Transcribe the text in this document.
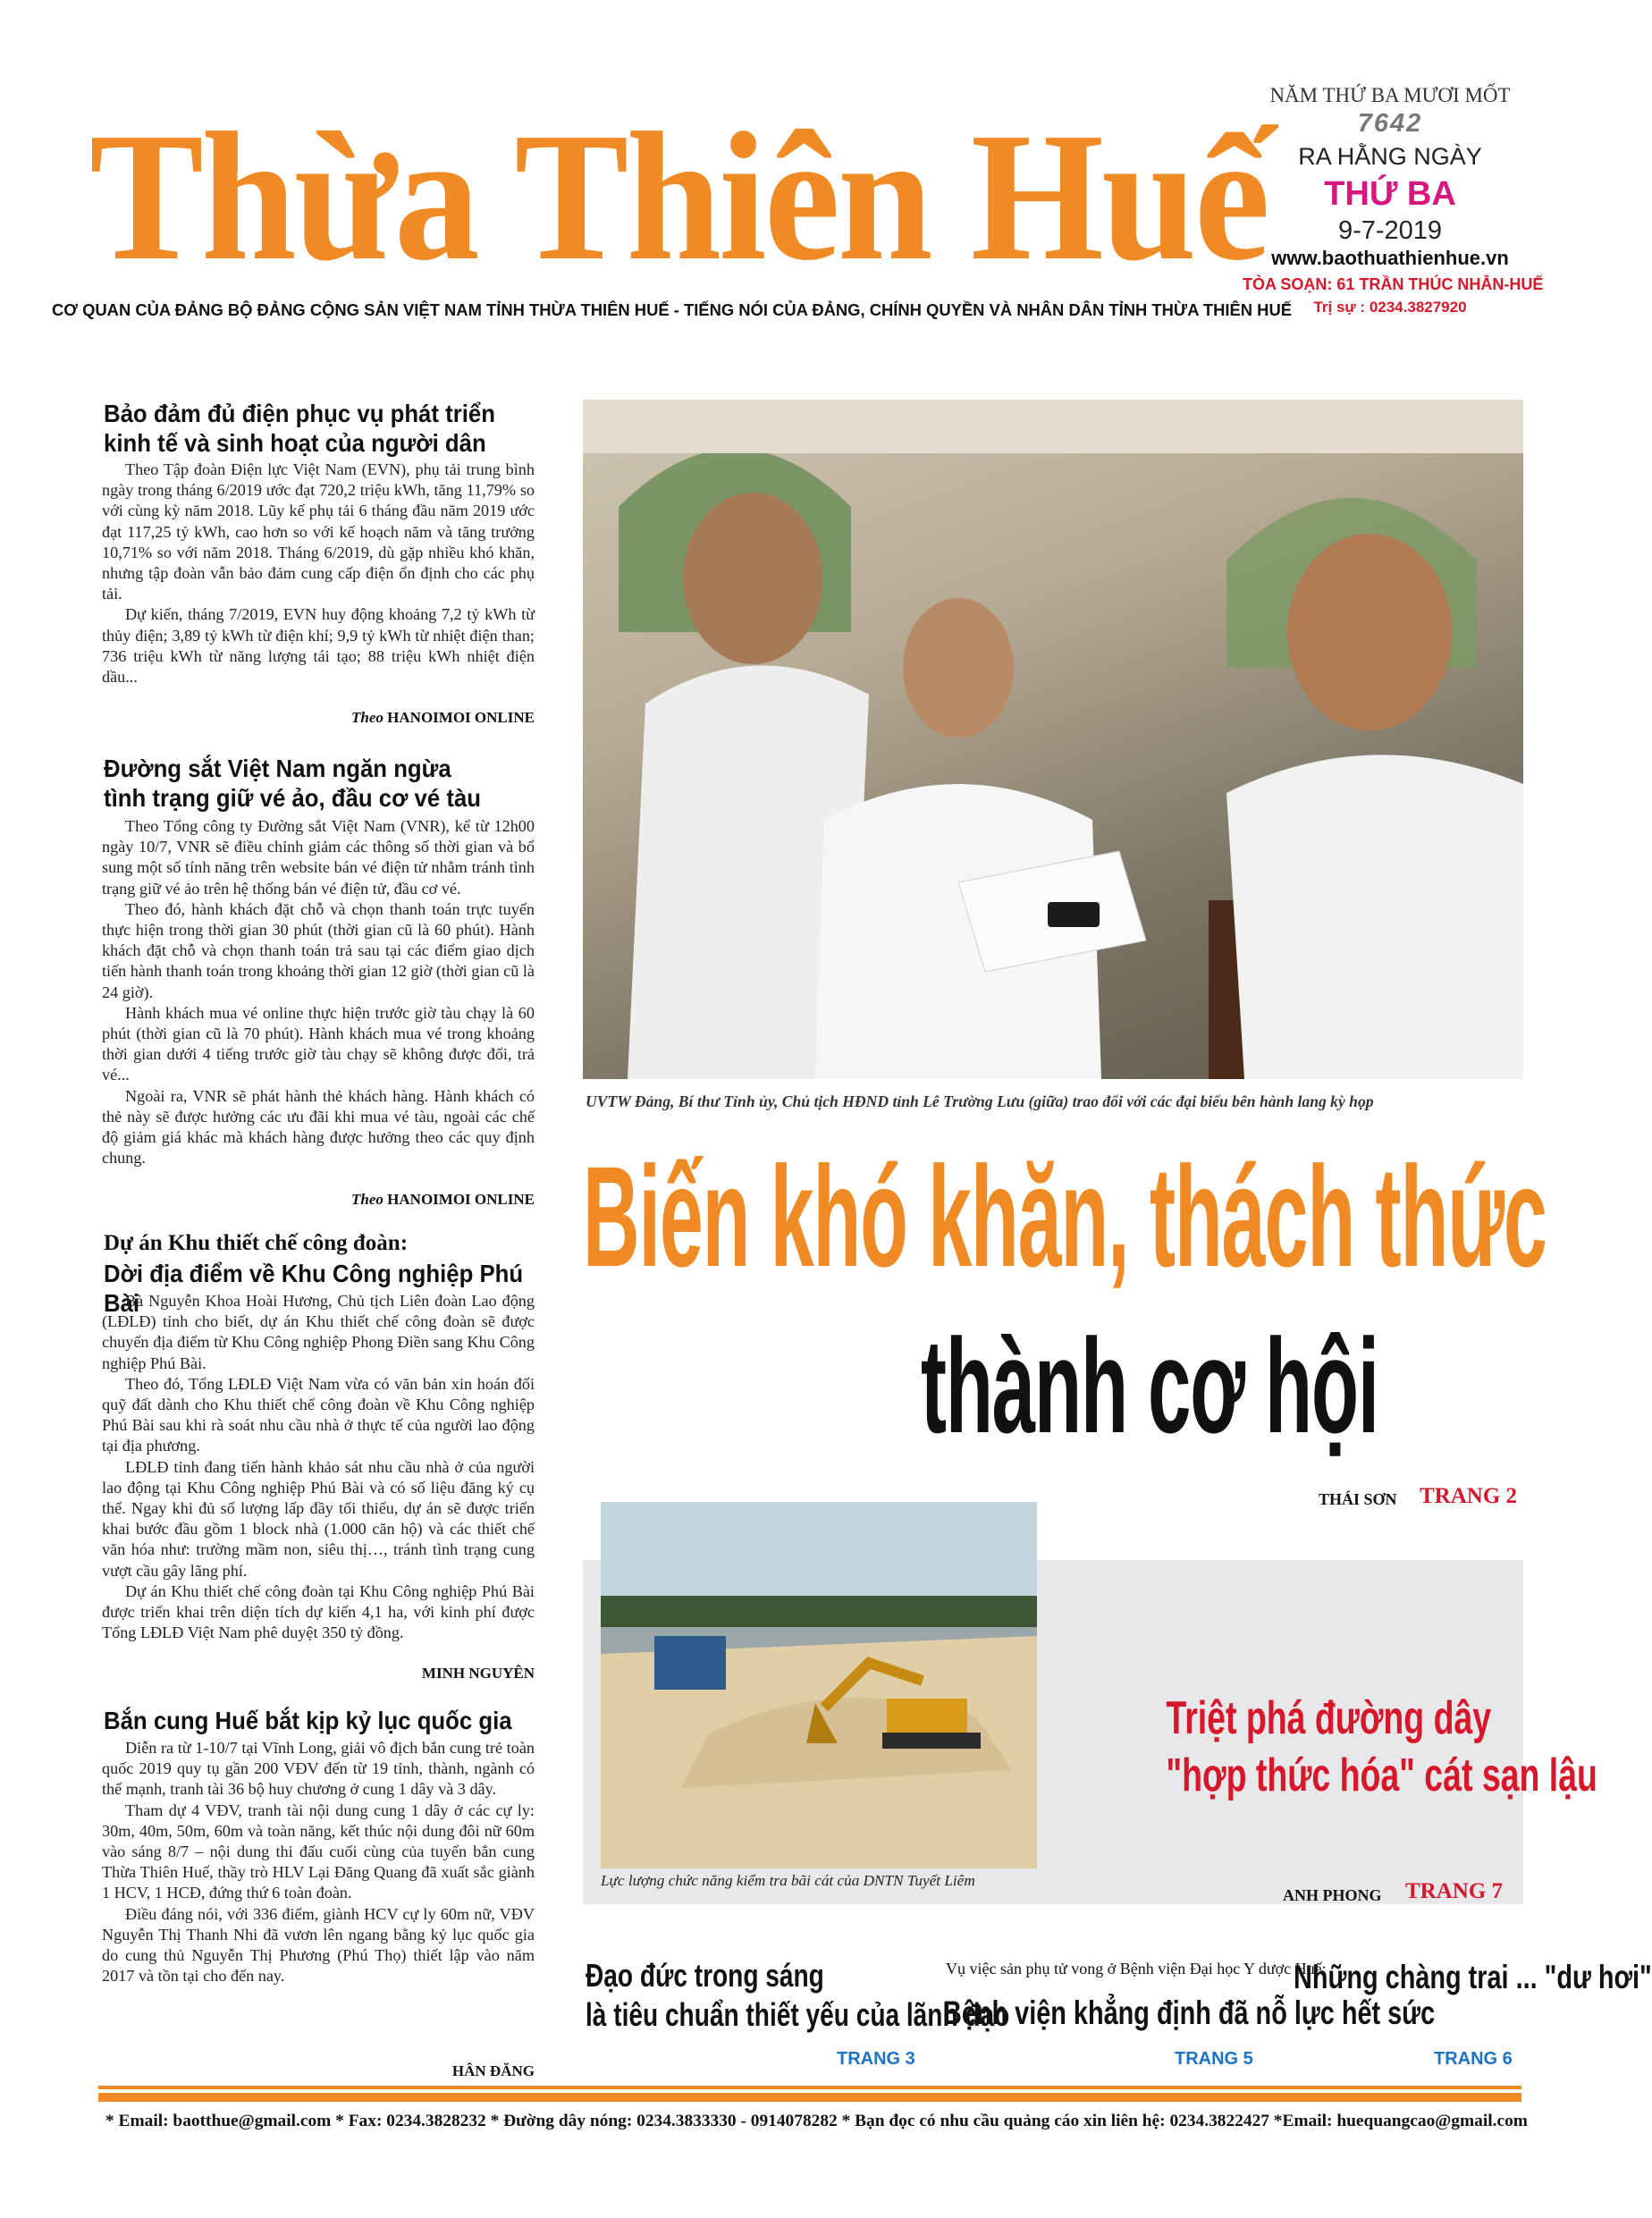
Thừa Thiên Huế NĂM THỨ BA MƯƠI MỐT
7642
RA HẰNG NGÀY
THỨ BA
9-7-2019
www.baothuathienhue.vn
TÒA SOẠN: 61 TRẦN THÚC NHẪN-HUẾ
Trị sự : 0234.3827920
CƠ QUAN CỦA ĐẢNG BỘ ĐẢNG CỘNG SẢN VIỆT NAM TỈNH THỪA THIÊN HUẾ - TIẾNG NÓI CỦA ĐẢNG, CHÍNH QUYỀN VÀ NHÂN DÂN TỈNH THỪA THIÊN HUẾ
Bảo đảm đủ điện phục vụ phát triển
kinh tế và sinh hoạt của người dân

Theo Tập đoàn Điện lực Việt Nam (EVN), phụ tải trung bình ngày trong tháng 6/2019 ước đạt 720,2 triệu kWh, tăng 11,79% so với cùng kỳ năm 2018. Lũy kế phụ tải 6 tháng đầu năm 2019 ước đạt 117,25 tỷ kWh, cao hơn so với kế hoạch năm và tăng trưởng 10,71% so với năm 2018. Tháng 6/2019, dù gặp nhiều khó khăn, nhưng tập đoàn vẫn bảo đảm cung cấp điện ổn định cho các phụ tải.

Dự kiến, tháng 7/2019, EVN huy động khoảng 7,2 tỷ kWh từ thủy điện; 3,89 tỷ kWh từ điện khí; 9,9 tỷ kWh từ nhiệt điện than; 736 triệu kWh từ năng lượng tái tạo; 88 triệu kWh nhiệt điện dầu...

Theo HANOIMOI ONLINE
Đường sắt Việt Nam ngăn ngừa
tình trạng giữ vé ảo, đầu cơ vé tàu

Theo Tổng công ty Đường sắt Việt Nam (VNR), kể từ 12h00 ngày 10/7, VNR sẽ điều chỉnh giảm các thông số thời gian và bổ sung một số tính năng trên website bán vé điện tử nhằm tránh tình trạng giữ vé ảo trên hệ thống bán vé điện tử, đầu cơ vé.

Theo đó, hành khách đặt chỗ và chọn thanh toán trực tuyến thực hiện trong thời gian 30 phút (thời gian cũ là 60 phút). Hành khách đặt chỗ và chọn thanh toán trả sau tại các điểm giao dịch tiến hành thanh toán trong khoảng thời gian 12 giờ (thời gian cũ là 24 giờ).

Hành khách mua vé online thực hiện trước giờ tàu chạy là 60 phút (thời gian cũ là 70 phút). Hành khách mua vé trong khoảng thời gian dưới 4 tiếng trước giờ tàu chạy sẽ không được đổi, trả vé...

Ngoài ra, VNR sẽ phát hành thẻ khách hàng. Hành khách có thẻ này sẽ được hưởng các ưu đãi khi mua vé tàu, ngoài các chế độ giảm giá khác mà khách hàng được hưởng theo các quy định chung.

Theo HANOIMOI ONLINE
Dự án Khu thiết chế công đoàn:
Dời địa điểm về Khu Công nghiệp Phú Bài

Bà Nguyễn Khoa Hoài Hương, Chủ tịch Liên đoàn Lao động (LĐLĐ) tỉnh cho biết, dự án Khu thiết chế công đoàn sẽ được chuyển địa điểm từ Khu Công nghiệp Phong Điền sang Khu Công nghiệp Phú Bài.

Theo đó, Tổng LĐLĐ Việt Nam vừa có văn bản xin hoán đổi quỹ đất dành cho Khu thiết chế công đoàn về Khu Công nghiệp Phú Bài sau khi rà soát nhu cầu nhà ở thực tế của người lao động tại địa phương.

LĐLĐ tỉnh đang tiến hành khảo sát nhu cầu nhà ở của người lao động tại Khu Công nghiệp Phú Bài và có số liệu đăng ký cụ thể. Ngay khi đủ số lượng lấp đầy tối thiểu, dự án sẽ được triển khai bước đầu gồm 1 block nhà (1.000 căn hộ) và các thiết chế văn hóa như: trường mầm non, siêu thị…, tránh tình trạng cung vượt cầu gây lãng phí.

Dự án Khu thiết chế công đoàn tại Khu Công nghiệp Phú Bài được triển khai trên diện tích dự kiến 4,1 ha, với kinh phí được Tổng LĐLĐ Việt Nam phê duyệt 350 tỷ đồng.

MINH NGUYÊN
Bắn cung Huế bắt kịp kỷ lục quốc gia

Diễn ra từ 1-10/7 tại Vĩnh Long, giải vô địch bắn cung trẻ toàn quốc 2019 quy tụ gần 200 VĐV đến từ 19 tỉnh, thành, ngành có thế mạnh, tranh tài 36 bộ huy chương ở cung 1 dây và 3 dây.

Tham dự 4 VĐV, tranh tài nội dung cung 1 dây ở các cự ly: 30m, 40m, 50m, 60m và toàn năng, kết thúc nội dung đôi nữ 60m vào sáng 8/7 – nội dung thi đấu cuối cùng của tuyển bắn cung Thừa Thiên Huế, thầy trò HLV Lại Đăng Quang đã xuất sắc giành 1 HCV, 1 HCĐ, đứng thứ 6 toàn đoàn.

Điều đáng nói, với 336 điểm, giành HCV cự ly 60m nữ, VĐV Nguyễn Thị Thanh Nhi đã vươn lên ngang bằng kỷ lục quốc gia do cung thủ Nguyễn Thị Phương (Phú Thọ) thiết lập vào năm 2017 và tồn tại cho đến nay.

HÂN ĐĂNG
UVTW Đảng, Bí thư Tỉnh ủy, Chủ tịch HĐND tỉnh Lê Trường Lưu (giữa) trao đổi với các đại biểu bên hành lang kỳ họp
Biến khó khăn, thách thức
thành cơ hội
THÁI SƠN TRANG 2
Lực lượng chức năng kiểm tra bãi cát của DNTN Tuyết Liêm
Triệt phá đường dây
"hợp thức hóa" cát sạn lậu
ANH PHONG TRANG 7
Đạo đức trong sáng
là tiêu chuẩn thiết yếu của lãnh đạo
TRANG 3
Vụ việc sản phụ tử vong ở Bệnh viện Đại học Y dược Huế:
Bệnh viện khẳng định đã nỗ lực hết sức
TRANG 5
Những chàng trai ... "dư hơi"
TRANG 6
* Email: baotthue@gmail.com * Fax: 0234.3828232 * Đường dây nóng: 0234.3833330 - 0914078282 * Bạn đọc có nhu cầu quảng cáo xin liên hệ: 0234.3822427 *Email: huequangcao@gmail.com
